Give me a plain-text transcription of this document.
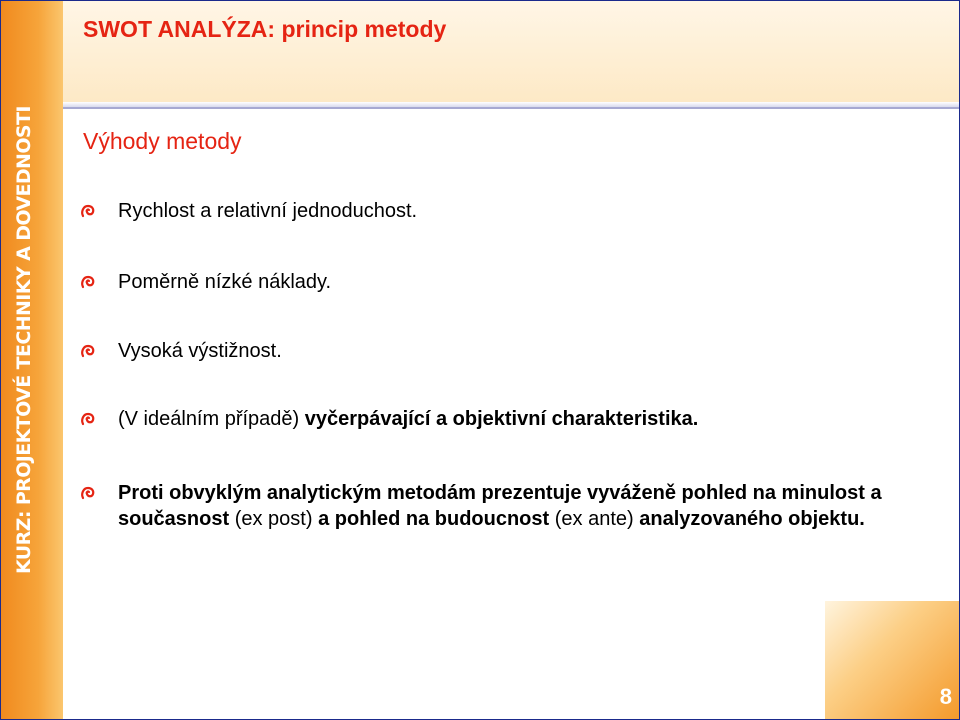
KURZ: PROJEKTOVÉ TECHNIKY A DOVEDNOSTI
SWOT ANALÝZA: princip metody
Výhody metody
Rychlost a relativní jednoduchost.
Poměrně nízké náklady.
Vysoká výstižnost.
(V ideálním případě) vyčerpávající a objektivní charakteristika.
Proti obvyklým analytickým metodám prezentuje vyváženě pohled na minulost a současnost (ex post) a pohled na budoucnost (ex ante) analyzovaného objektu.
8
